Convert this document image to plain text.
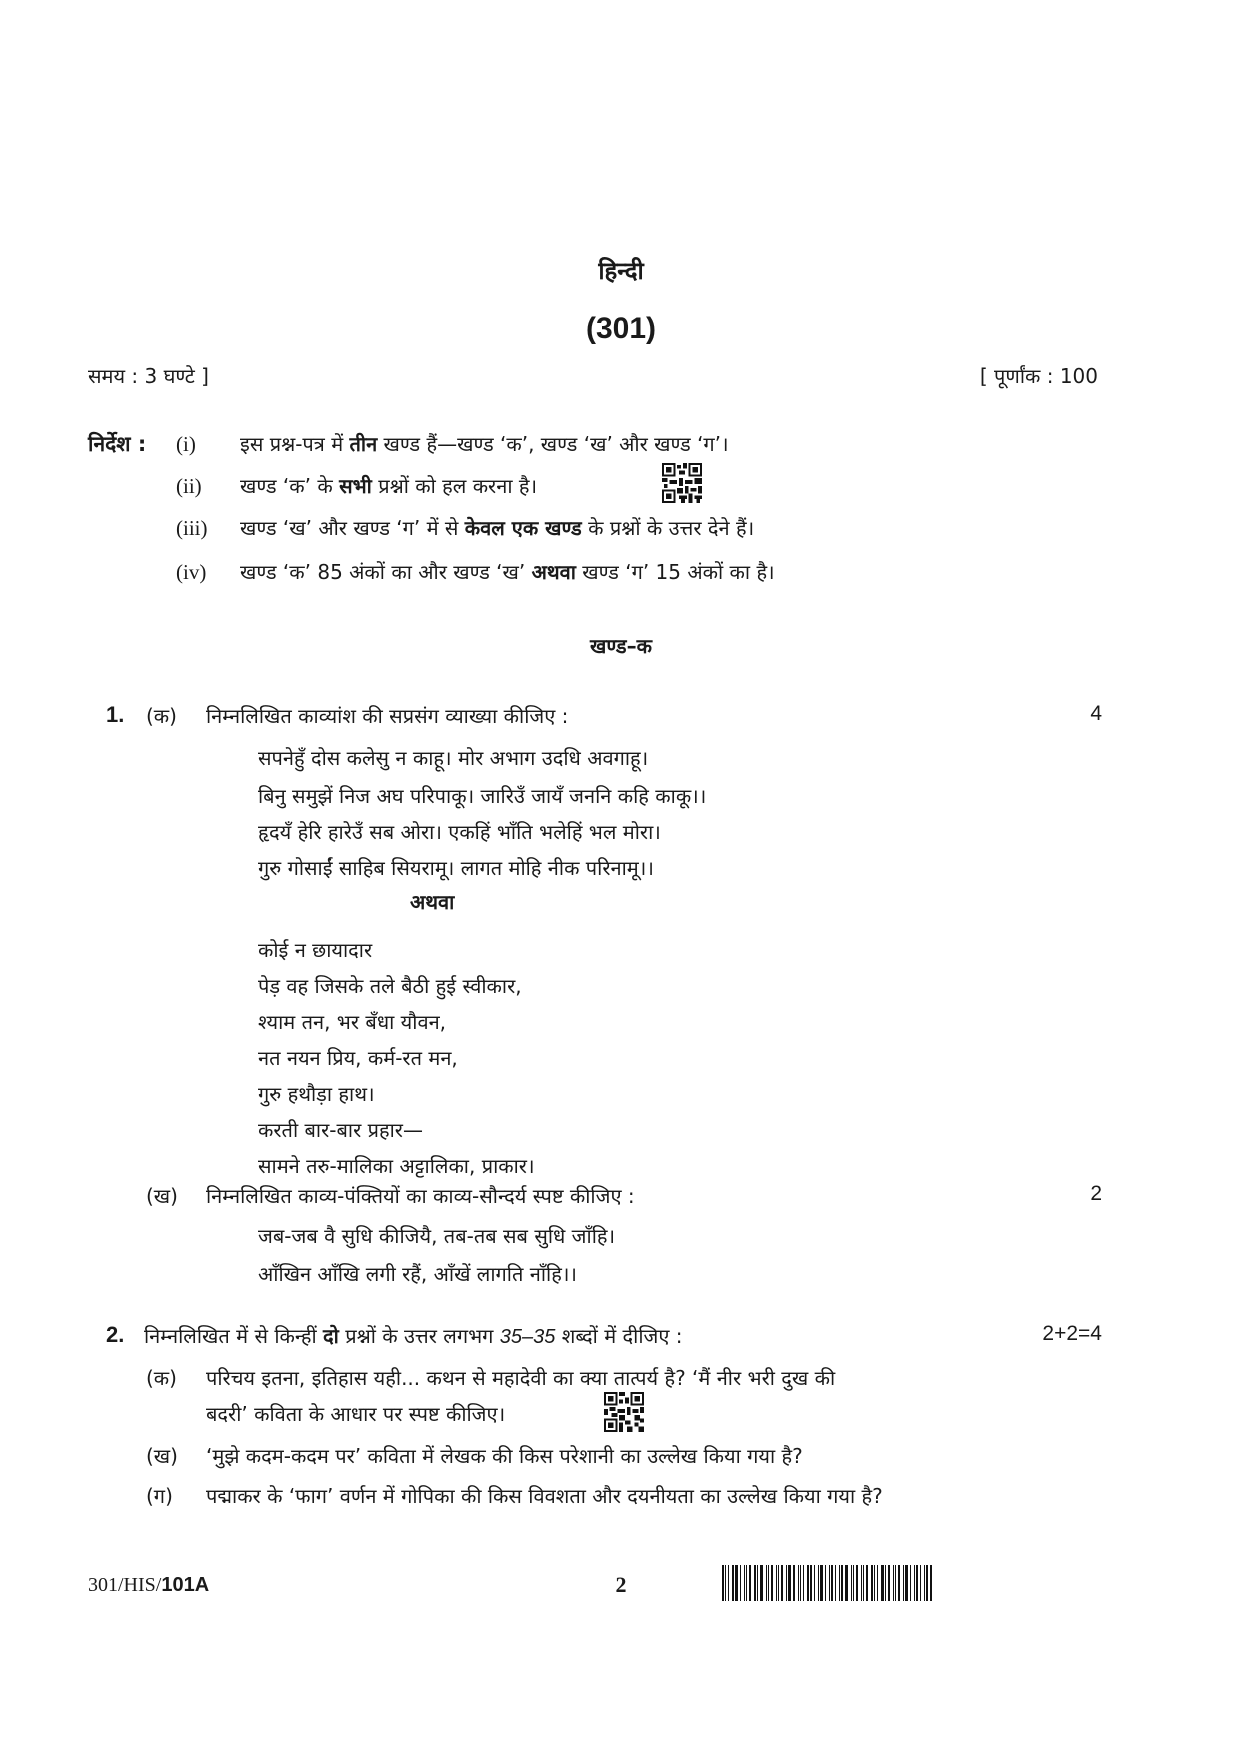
हिन्दी
(301)
समय : 3 घण्टे ]	[ पूर्णांक : 100
निर्देश : (i)	इस प्रश्न-पत्र में तीन खण्ड हैं—खण्ड ‘क’, खण्ड ‘ख’ और खण्ड ‘ग’।
(ii)	खण्ड ‘क’ के सभी प्रश्नों को हल करना है।
(iii)	खण्ड ‘ख’ और खण्ड ‘ग’ में से केवल एक खण्ड के प्रश्नों के उत्तर देने हैं।
(iv)	खण्ड ‘क’ 85 अंकों का और खण्ड ‘ख’ अथवा खण्ड ‘ग’ 15 अंकों का है।
खण्ड–क
1. (क) निम्नलिखित काव्यांश की सप्रसंग व्याख्या कीजिए :	4
सपनेहुँ दोस कलेसु न काहू। मोर अभाग उदधि अवगाहू।
बिनु समुझें निज अघ परिपाकू। जारिउँ जायँ जननि कहि काकू।।
हृदयँ हेरि हारेउँ सब ओरा। एकहिं भाँति भलेहिं भल मोरा।
गुरु गोसाईं साहिब सियरामू। लागत मोहि नीक परिनामू।।
अथवा
कोई न छायादार
पेड़ वह जिसके तले बैठी हुई स्वीकार,
श्याम तन, भर बँधा यौवन,
नत नयन प्रिय, कर्म-रत मन,
गुरु हथौड़ा हाथ।
करती बार-बार प्रहार—
सामने तरु-मालिका अट्टालिका, प्राकार।
(ख) निम्नलिखित काव्य-पंक्तियों का काव्य-सौन्दर्य स्पष्ट कीजिए :	2
जब-जब वै सुधि कीजियै, तब-तब सब सुधि जाँहि।
आँखिन आँखि लगी रहैं, आँखें लागति नाँहि।।
2. निम्नलिखित में से किन्हीं दो प्रश्नों के उत्तर लगभग 35–35 शब्दों में दीजिए :	2+2=4
(क) परिचय इतना, इतिहास यही... कथन से महादेवी का क्या तात्पर्य है? ‘मैं नीर भरी दुख की
बदरी’ कविता के आधार पर स्पष्ट कीजिए।
(ख) ‘मुझे कदम-कदम पर’ कविता में लेखक की किस परेशानी का उल्लेख किया गया है?
(ग) पद्माकर के ‘फाग’ वर्णन में गोपिका की किस विवशता और दयनीयता का उल्लेख किया गया है?
301/HIS/101A	2
